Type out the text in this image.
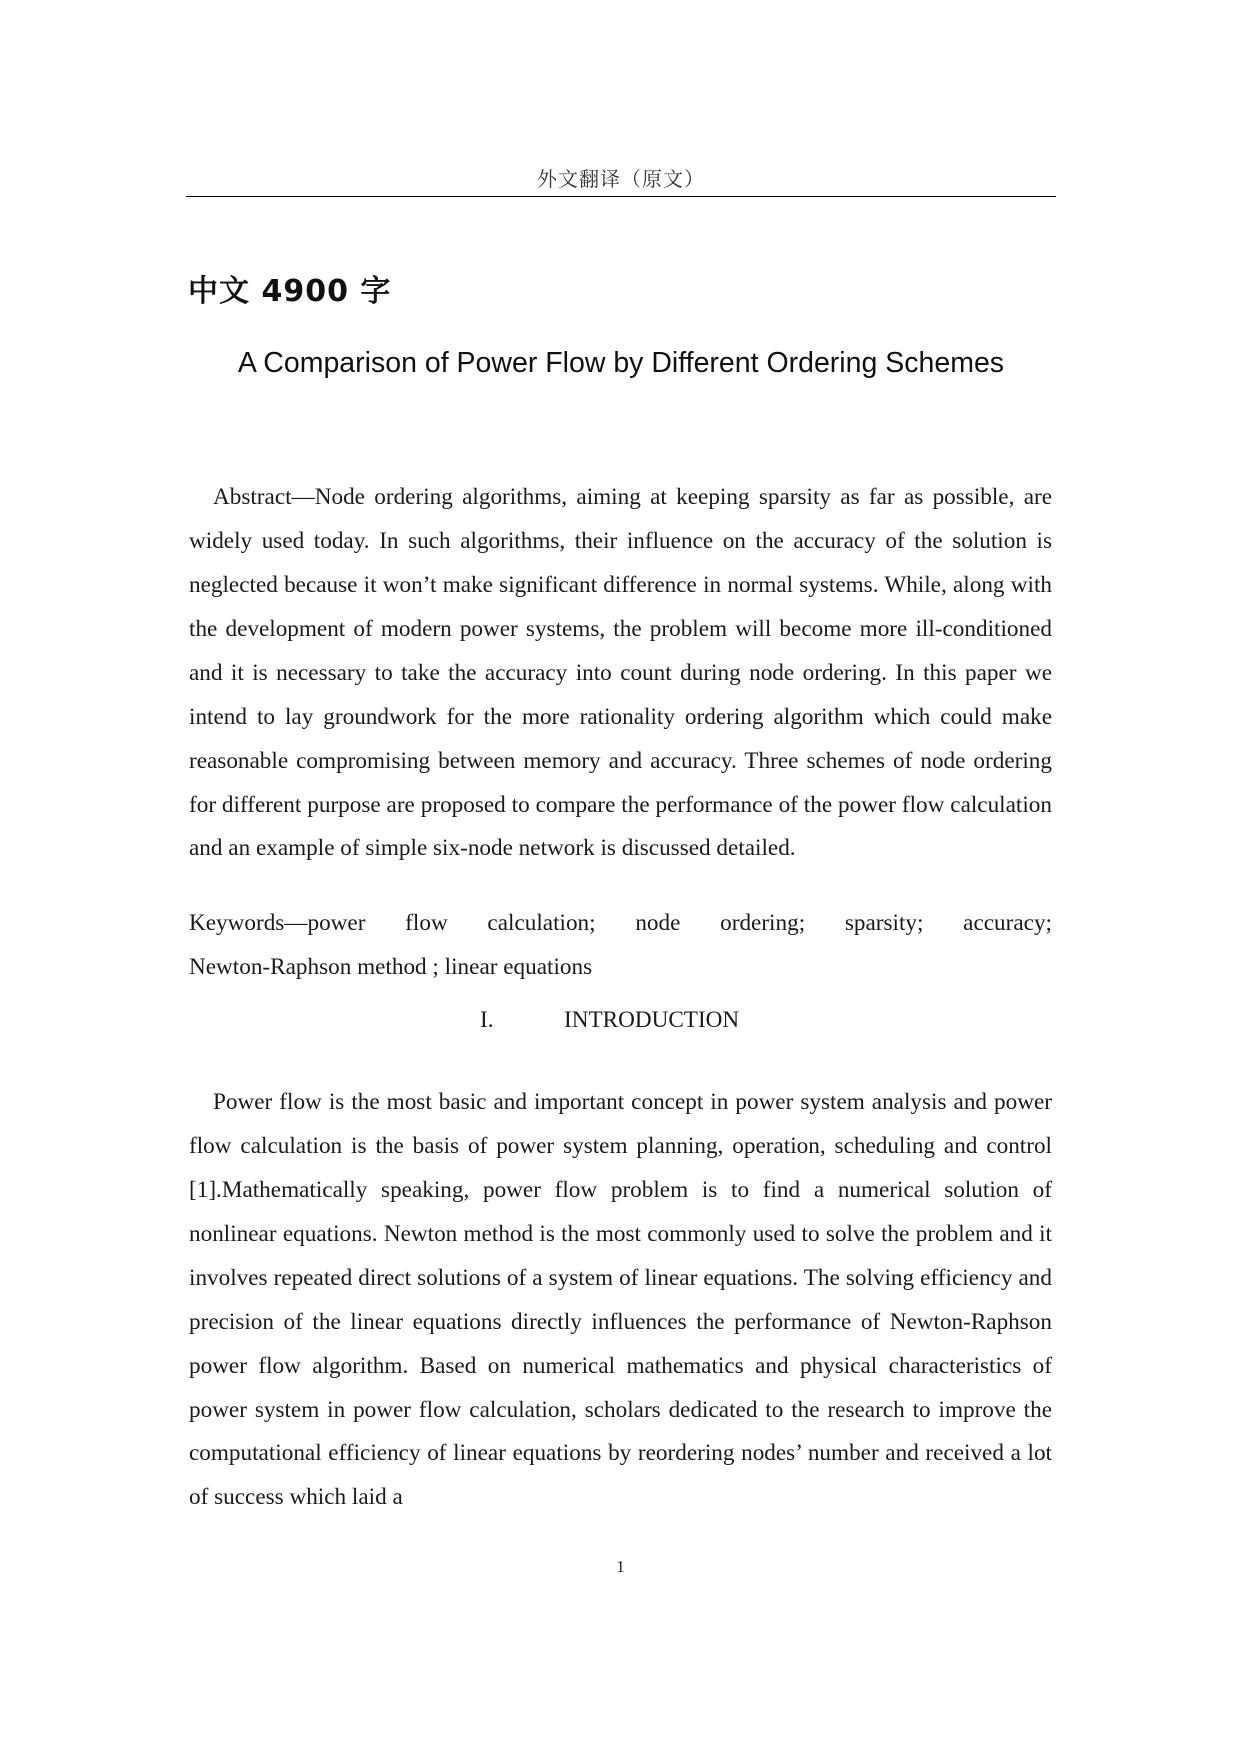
外文翻译（原文）
中文 4900 字
A Comparison of Power Flow by Different Ordering Schemes

Abstract—Node ordering algorithms, aiming at keeping sparsity as far as possible, are widely used today. In such algorithms, their influence on the accuracy of the solution is neglected because it won’t make significant difference in normal systems. While, along with the development of modern power systems, the problem will become more ill-conditioned and it is necessary to take the accuracy into count during node ordering. In this paper we intend to lay groundwork for the more rationality ordering algorithm which could make reasonable compromising between memory and accuracy. Three schemes of node ordering for different purpose are proposed to compare the performance of the power flow calculation and an example of simple six-node network is discussed detailed.

Keywords—power flow calculation; node ordering; sparsity; accuracy;
Newton-Raphson method ; linear equations
I.	INTRODUCTION

Power flow is the most basic and important concept in power system analysis and power flow calculation is the basis of power system planning, operation, scheduling and control [1].Mathematically speaking, power flow problem is to find a numerical solution of nonlinear equations. Newton method is the most commonly used to solve the problem and it involves repeated direct solutions of a system of linear equations. The solving efficiency and precision of the linear equations directly influences the performance of Newton-Raphson power flow algorithm. Based on numerical mathematics and physical characteristics of power system in power flow calculation, scholars dedicated to the research to improve the computational efficiency of linear equations by reordering nodes’ number and received a lot of success which laid a

1
